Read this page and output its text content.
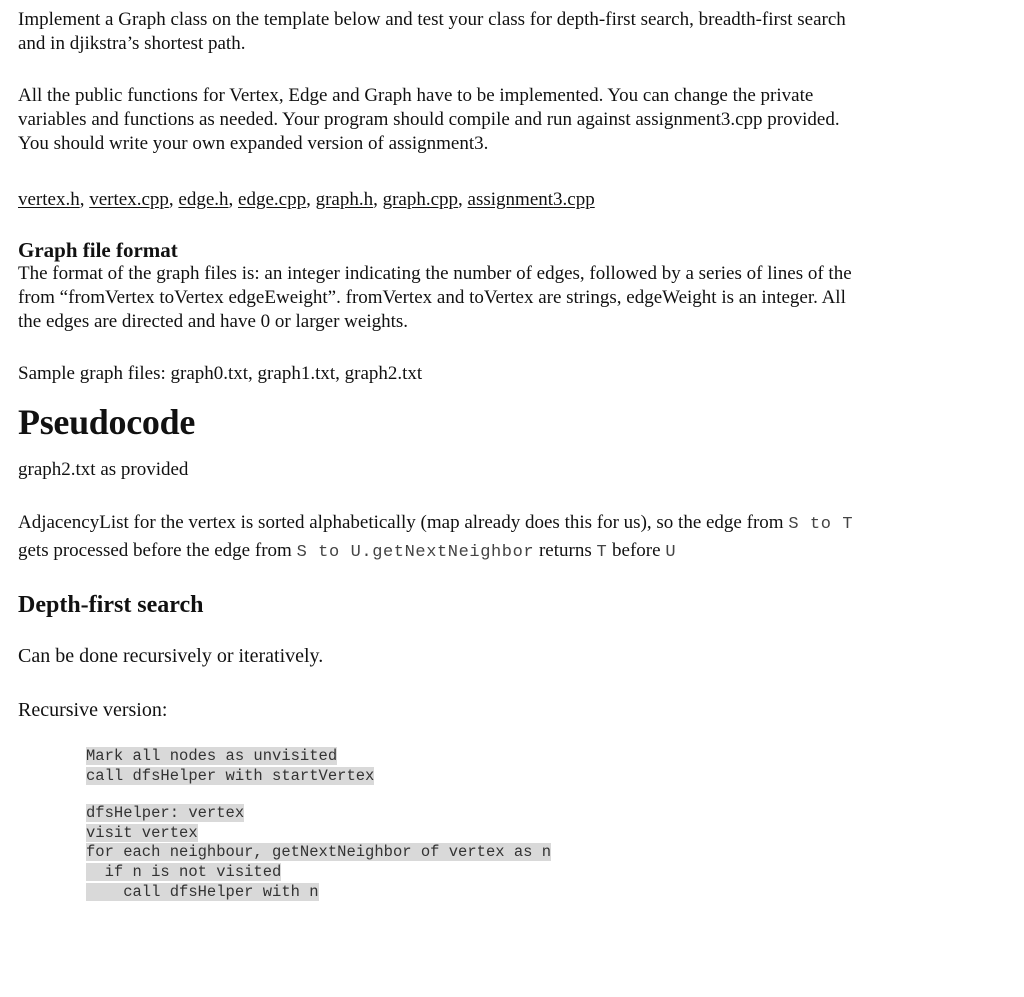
Implement a Graph class on the template below and test your class for depth-first search, breadth-first search
and in djikstra’s shortest path.

All the public functions for Vertex, Edge and Graph have to be implemented. You can change the private
variables and functions as needed. Your program should compile and run against assignment3.cpp provided.
You should write your own expanded version of assignment3.

vertex.h, vertex.cpp, edge.h, edge.cpp, graph.h, graph.cpp, assignment3.cpp

Graph file format

The format of the graph files is: an integer indicating the number of edges, followed by a series of lines of the
from “fromVertex toVertex edgeEweight”. fromVertex and toVertex are strings, edgeWeight is an integer. All
the edges are directed and have 0 or larger weights.

Sample graph files: graph0.txt, graph1.txt, graph2.txt

Pseudocode

graph2.txt as provided

AdjacencyList for the vertex is sorted alphabetically (map already does this for us), so the edge from S to T
gets processed before the edge from S to U.getNextNeighbor returns T before U

Depth-first search

Can be done recursively or iteratively.

Recursive version:

Mark all nodes as unvisited
call dfsHelper with startVertex
dfsHelper: vertex
visit vertex
for each neighbour, getNextNeighbor of vertex as n
if n is not visited
call dfsHelper with n
